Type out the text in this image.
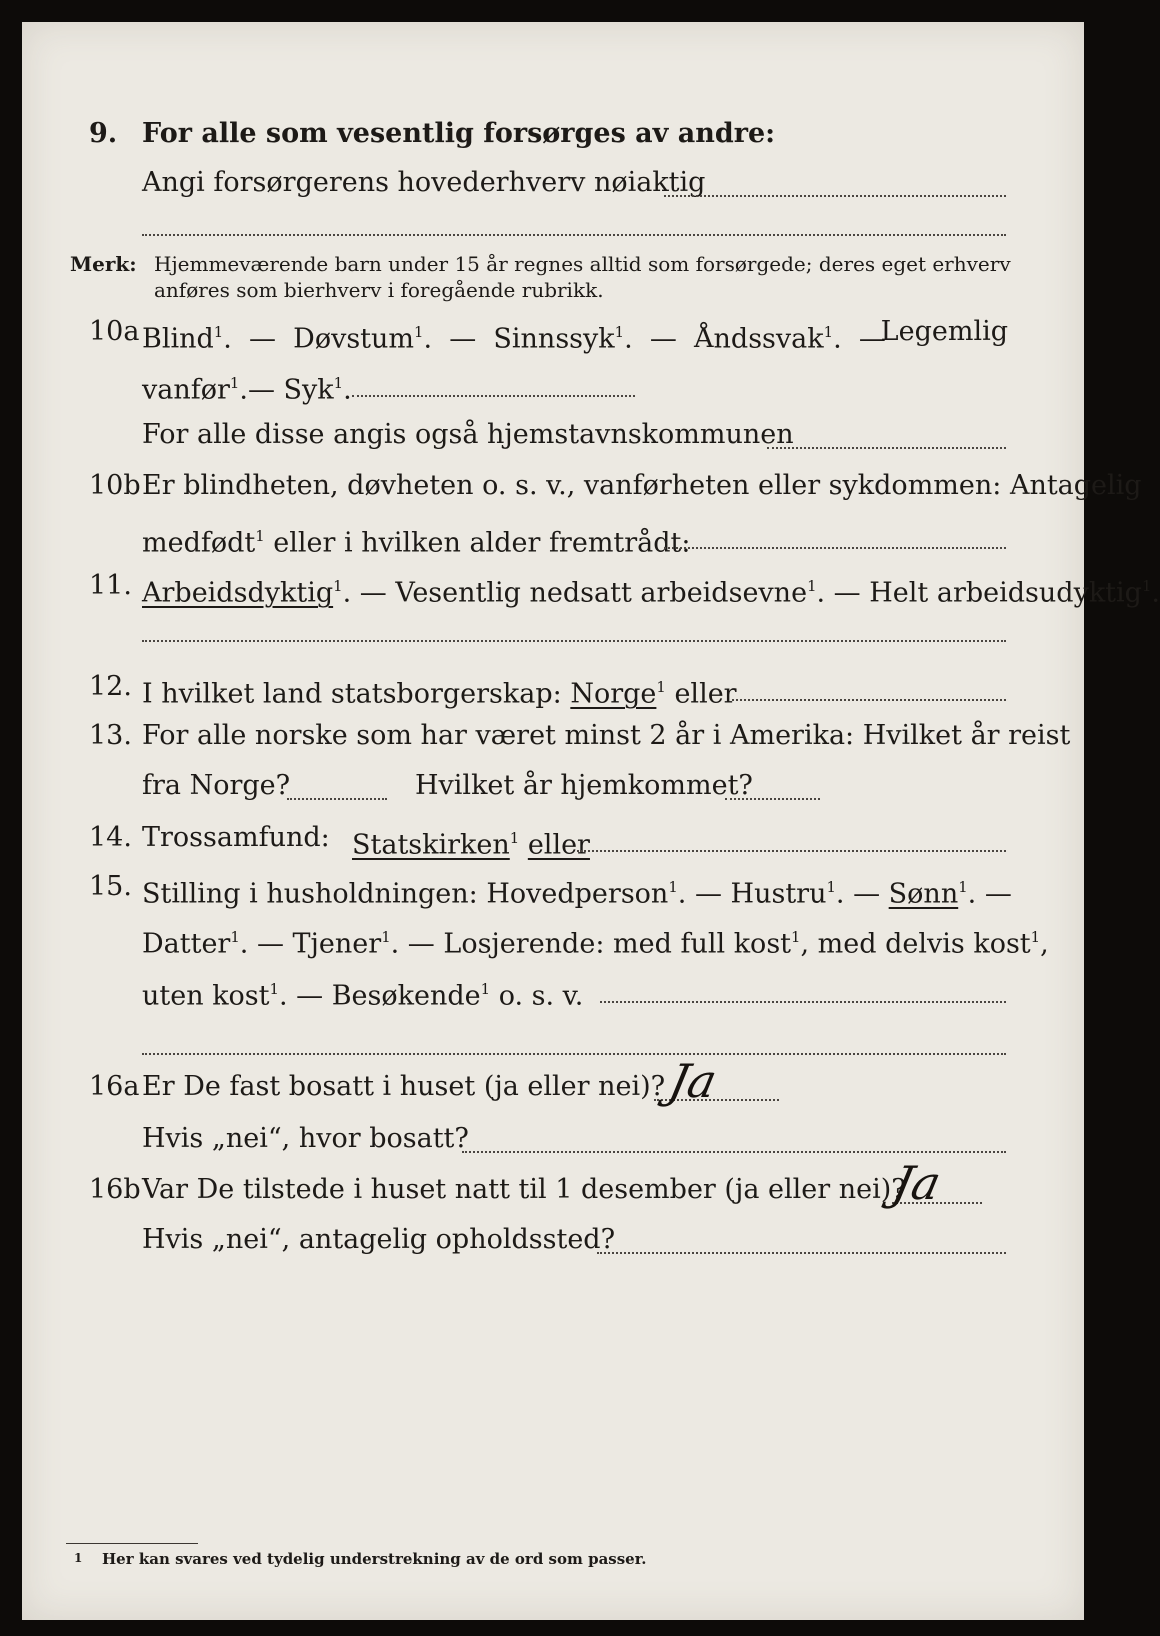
9. For alle som vesentlig forsørges av andre:
Angi forsørgerens hovederhverv nøiaktig
Merk: Hjemmeværende barn under 15 år regnes alltid som forsørgede; deres eget erhverv
anføres som bierhverv i foregående rubrikk.
10a Blind$^1$.  —  Døvstum$^1$.  —  Sinnssyk$^1$.  —  Åndssvak$^1$.  —
Legemlig
vanfør$^1$.— Syk$^1$.
For alle disse angis også hjemstavnskommunen
10b Er blindheten, døvheten o. s. v., vanførheten eller sykdommen: Antagelig
medfødt$^1$ eller i hvilken alder fremtrådt:
11. Arbeidsdyktig$^1$. — Vesentlig nedsatt arbeidsevne$^1$. — Helt arbeidsudyktig$^1$.
12. I hvilket land statsborgerskap: Norge$^1$ eller
13. For alle norske som har været minst 2 år i Amerika: Hvilket år reist
fra Norge?	Hvilket år hjemkommet?
14. Trossamfund: Statskirken$^1$ eller
15. Stilling i husholdningen: Hovedperson$^1$. — Hustru$^1$. — Sønn$^1$. —
Datter$^1$. — Tjener$^1$. — Losjerende: med full kost$^1$, med delvis kost$^1$,
uten kost$^1$. — Besøkende$^1$ o. s. v.
16a Er De fast bosatt i huset (ja eller nei)? Ja
Hvis „nei“, hvor bosatt?
16b Var De tilstede i huset natt til 1 desember (ja eller nei)?
Ja
Hvis „nei“, antagelig opholdssted?
1 Her kan svares ved tydelig understrekning av de ord som passer.
